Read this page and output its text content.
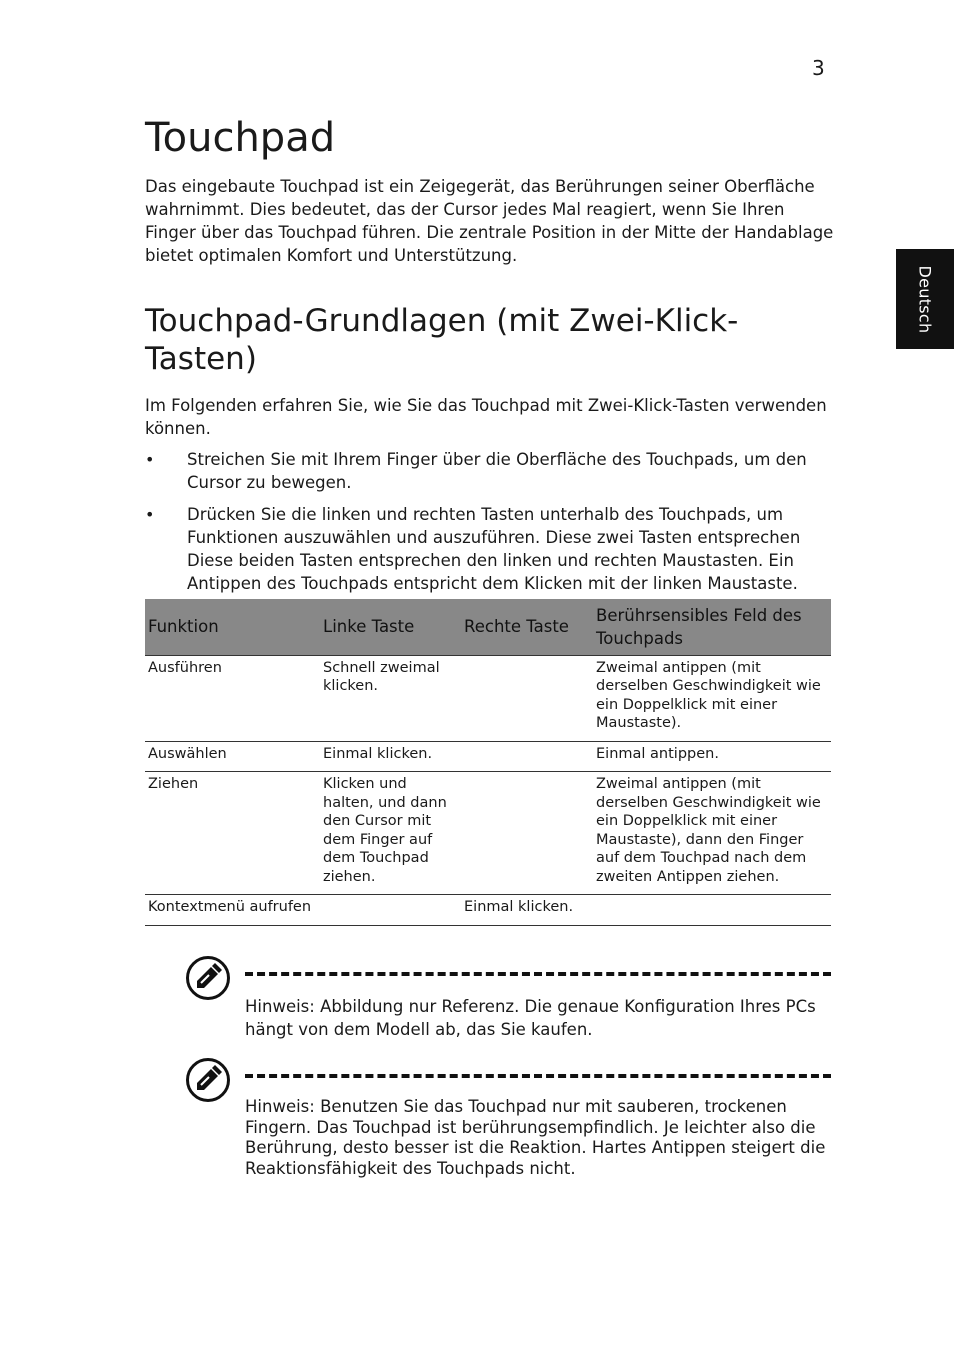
3
Deutsch
Touchpad

Das eingebaute Touchpad ist ein Zeigegerät, das Berührungen seiner Oberfläche wahrnimmt. Dies bedeutet, das der Cursor jedes Mal reagiert, wenn Sie Ihren Finger über das Touchpad führen. Die zentrale Position in der Mitte der Handablage bietet optimalen Komfort und Unterstützung.

Touchpad-Grundlagen (mit Zwei-Klick-Tasten)

Im Folgenden erfahren Sie, wie Sie das Touchpad mit Zwei-Klick-Tasten verwenden können.

• Streichen Sie mit Ihrem Finger über die Oberfläche des Touchpads, um den Cursor zu bewegen.
• Drücken Sie die linken und rechten Tasten unterhalb des Touchpads, um Funktionen auszuwählen und auszuführen. Diese zwei Tasten entsprechen Diese beiden Tasten entsprechen den linken und rechten Maustasten. Ein Antippen des Touchpads entspricht dem Klicken mit der linken Maustaste.
Funktion	Linke Taste	Rechte Taste	Berührsensibles Feld des Touchpads
Ausführen	Schnell zweimal klicken.		Zweimal antippen (mit derselben Geschwindigkeit wie ein Doppelklick mit einer Maustaste).
Auswählen	Einmal klicken.		Einmal antippen.
Ziehen	Klicken und halten, und dann den Cursor mit dem Finger auf dem Touchpad ziehen.		Zweimal antippen (mit derselben Geschwindigkeit wie ein Doppelklick mit einer Maustaste), dann den Finger auf dem Touchpad nach dem zweiten Antippen ziehen.
Kontextmenü aufrufen		Einmal klicken.	

Hinweis: Abbildung nur Referenz. Die genaue Konfiguration Ihres PCs hängt von dem Modell ab, das Sie kaufen.

Hinweis: Benutzen Sie das Touchpad nur mit sauberen, trockenen Fingern. Das Touchpad ist berührungsempfindlich. Je leichter also die Berührung, desto besser ist die Reaktion. Hartes Antippen steigert die Reaktionsfähigkeit des Touchpads nicht.
